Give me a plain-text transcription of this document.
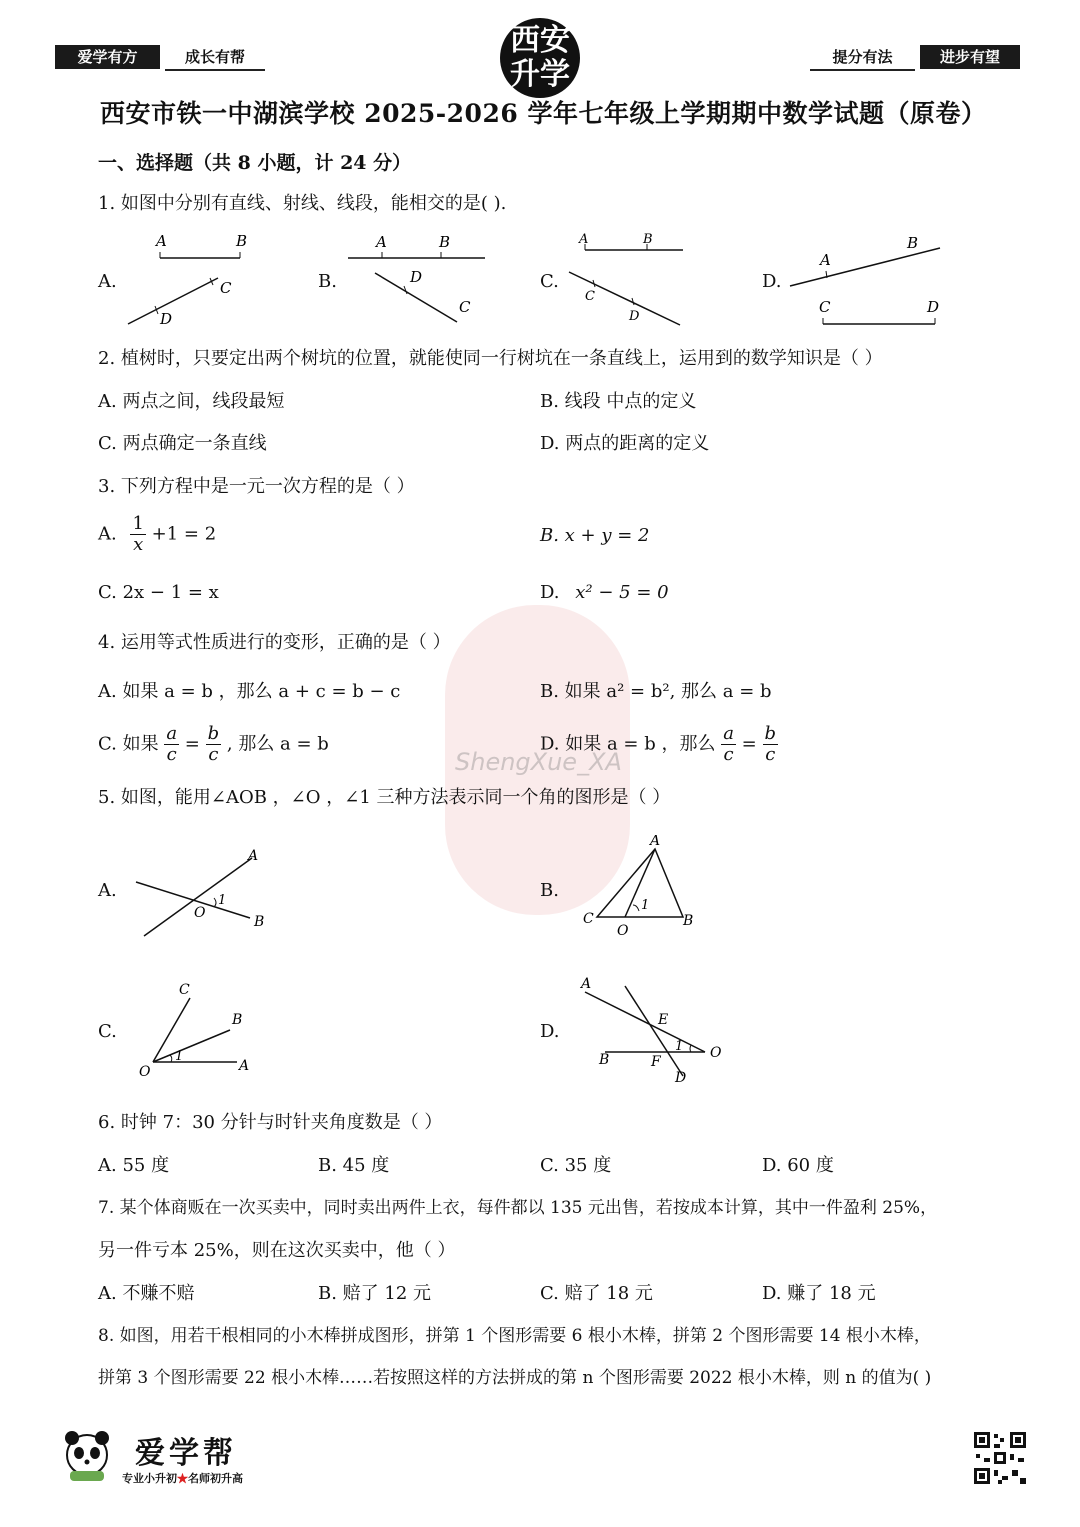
爱学有方	成长有帮	西安
升学	提分有法	进步有望
西安市铁一中湖滨学校 2025-2026 学年七年级上学期期中数学试题（原卷）
一、选择题（共 8 小题，计 24 分）
ShengXue_XA
1. 如图中分别有直线、射线、线段，能相交的是( ).
A.	B.	C.	D.
A	B
C
D
A	B
D
C
A	B
C
D
A
B
C	D
2. 植树时，只要定出两个树坑的位置，就能使同一行树坑在一条直线上，运用到的数学知识是（ ）
A. 两点之间，线段最短	B. 线段 中点的定义
C. 两点确定一条直线	D. 两点的距离的定义
3. 下列方程中是一元一次方程的是（ ）
A. $\frac{1}{x} +1 = 2$	B. x + y = 2
C. 2x − 1 = x	D. x² − 5 = 0
4. 运用等式性质进行的变形，正确的是（ ）
A. 如果 a = b ，那么 a + c = b − c	B. 如果 a² = b², 那么 a = b
C. 如果 $\frac{a}{c} = \frac{b}{c}$ , 那么 a = b	D. 如果 a = b ，那么 $\frac{a}{c} = \frac{b}{c}$
5. 如图，能用∠AOB ，∠O ，∠1 三种方法表示同一个角的图形是（ ）
A.	B.
C.	D.
A
O
1
B
A
C
O
1
B
C
B
O
1
A
A
E
B	F
1 O
D
6. 时钟 7：30 分针与时针夹角度数是（ ）
A. 55 度	B. 45 度	C. 35 度	D. 60 度
7. 某个体商贩在一次买卖中，同时卖出两件上衣，每件都以 135 元出售，若按成本计算，其中一件盈利 25%，
另一件亏本 25%，则在这次买卖中，他（ ）
A. 不赚不赔	B. 赔了 12 元	C. 赔了 18 元	D. 赚了 18 元
8. 如图，用若干根相同的小木棒拼成图形，拼第 1 个图形需要 6 根小木棒，拼第 2 个图形需要 14 根小木棒，
拼第 3 个图形需要 22 根小木棒……若按照这样的方法拼成的第 n 个图形需要 2022 根小木棒，则 n 的值为( )
爱学帮
专业小升初★名师初升高
